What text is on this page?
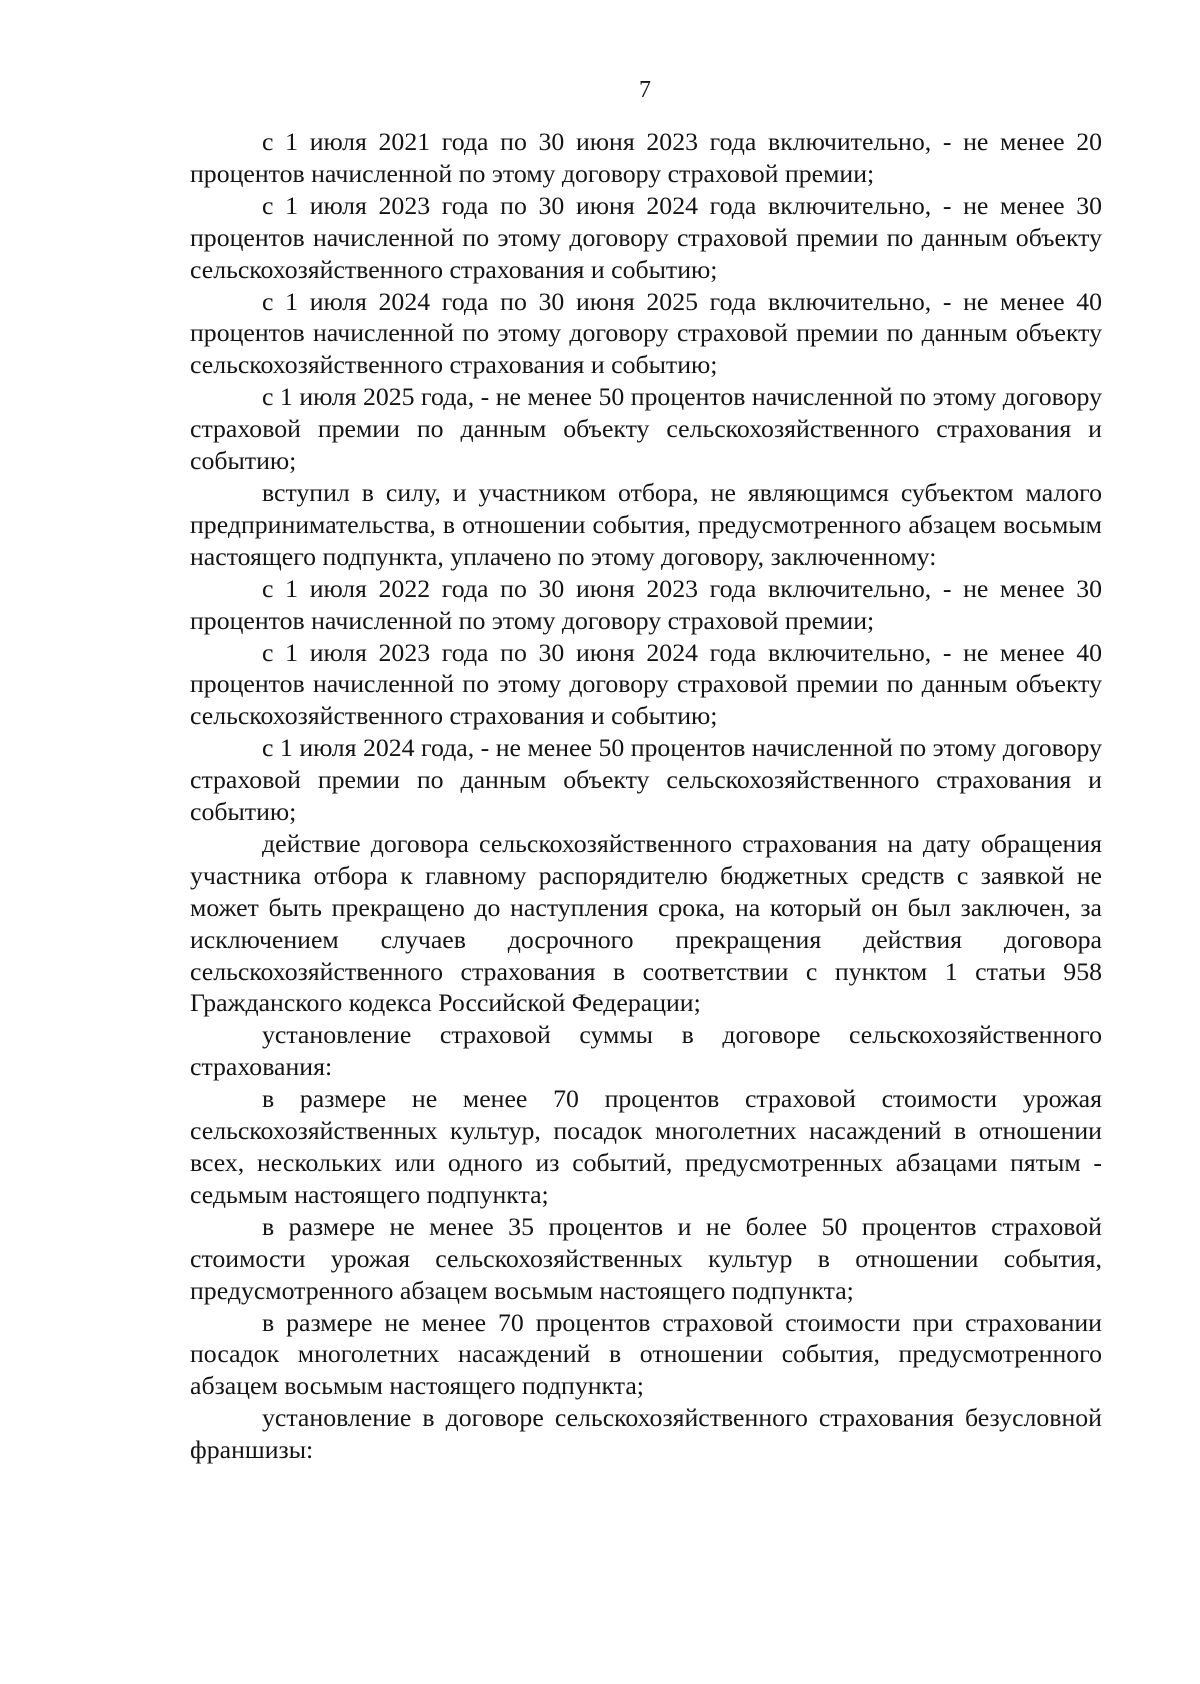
7

с 1 июля 2021 года по 30 июня 2023 года включительно, - не менее 20 процентов начисленной по этому договору страховой премии;

с 1 июля 2023 года по 30 июня 2024 года включительно, - не менее 30 процентов начисленной по этому договору страховой премии по данным объекту сельскохозяйственного страхования и событию;

с 1 июля 2024 года по 30 июня 2025 года включительно, - не менее 40 процентов начисленной по этому договору страховой премии по данным объекту сельскохозяйственного страхования и событию;

с 1 июля 2025 года, - не менее 50 процентов начисленной по этому договору страховой премии по данным объекту сельскохозяйственного страхования и событию;

вступил в силу, и участником отбора, не являющимся субъектом малого предпринимательства, в отношении события, предусмотренного абзацем восьмым настоящего подпункта, уплачено по этому договору, заключенному:

с 1 июля 2022 года по 30 июня 2023 года включительно, - не менее 30 процентов начисленной по этому договору страховой премии;

с 1 июля 2023 года по 30 июня 2024 года включительно, - не менее 40 процентов начисленной по этому договору страховой премии по данным объекту сельскохозяйственного страхования и событию;

с 1 июля 2024 года, - не менее 50 процентов начисленной по этому договору страховой премии по данным объекту сельскохозяйственного страхования и событию;

действие договора сельскохозяйственного страхования на дату обращения участника отбора к главному распорядителю бюджетных средств с заявкой не может быть прекращено до наступления срока, на который он был заключен, за исключением случаев досрочного прекращения действия договора сельскохозяйственного страхования в соответствии с пунктом 1 статьи 958 Гражданского кодекса Российской Федерации;

установление страховой суммы в договоре сельскохозяйственного страхования:

в размере не менее 70 процентов страховой стоимости урожая сельскохозяйственных культур, посадок многолетних насаждений в отношении всех, нескольких или одного из событий, предусмотренных абзацами пятым - седьмым настоящего подпункта;

в размере не менее 35 процентов и не более 50 процентов страховой стоимости урожая сельскохозяйственных культур в отношении события, предусмотренного абзацем восьмым настоящего подпункта;

в размере не менее 70 процентов страховой стоимости при страховании посадок многолетних насаждений в отношении события, предусмотренного абзацем восьмым настоящего подпункта;

установление в договоре сельскохозяйственного страхования безусловной франшизы:
